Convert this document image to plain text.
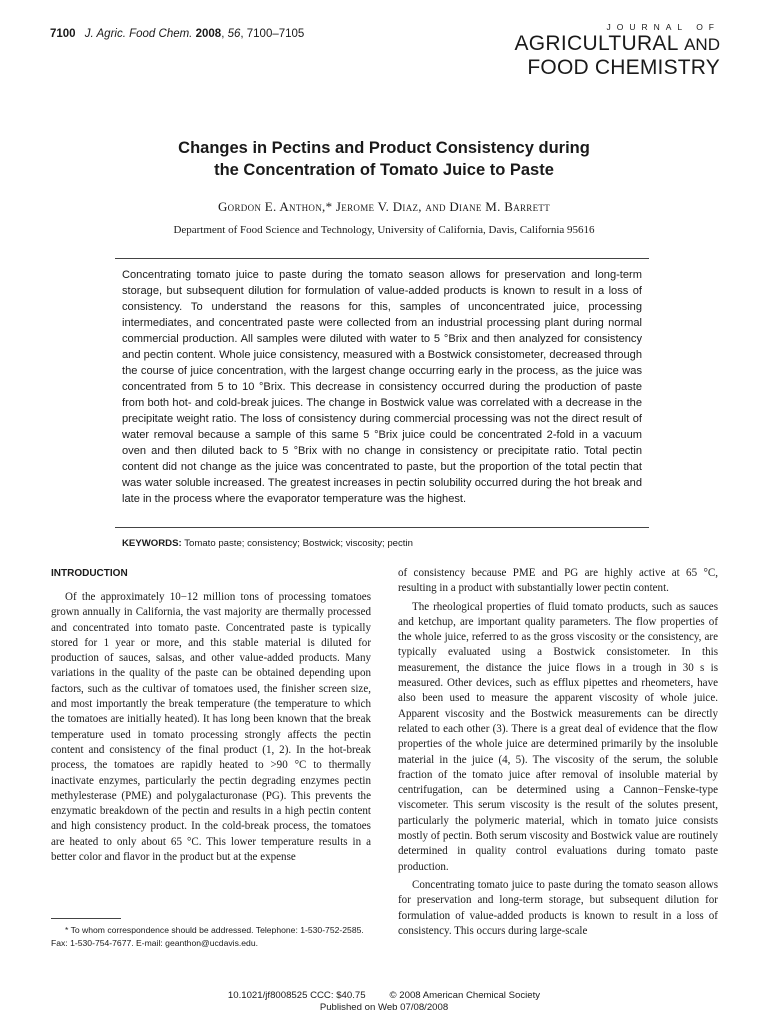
7100 J. Agric. Food Chem. 2008, 56, 7100–7105
JOURNAL OF
AGRICULTURAL AND
FOOD CHEMISTRY
Changes in Pectins and Product Consistency during
the Concentration of Tomato Juice to Paste
Gordon E. Anthon,* Jerome V. Diaz, and Diane M. Barrett
Department of Food Science and Technology, University of California, Davis, California 95616
Concentrating tomato juice to paste during the tomato season allows for preservation and long-term storage, but subsequent dilution for formulation of value-added products is known to result in a loss of consistency. To understand the reasons for this, samples of unconcentrated juice, processing intermediates, and concentrated paste were collected from an industrial processing plant during normal commercial production. All samples were diluted with water to 5 °Brix and then analyzed for consistency and pectin content. Whole juice consistency, measured with a Bostwick consistometer, decreased through the course of juice concentration, with the largest change occurring early in the process, as the juice was concentrated from 5 to 10 °Brix. This decrease in consistency occurred during the production of paste from both hot- and cold-break juices. The change in Bostwick value was correlated with a decrease in the precipitate weight ratio. The loss of consistency during commercial processing was not the direct result of water removal because a sample of this same 5 °Brix juice could be concentrated 2-fold in a vacuum oven and then diluted back to 5 °Brix with no change in consistency or precipitate ratio. Total pectin content did not change as the juice was concentrated to paste, but the proportion of the total pectin that was water soluble increased. The greatest increases in pectin solubility occurred during the hot break and late in the process where the evaporator temperature was the highest.
KEYWORDS: Tomato paste; consistency; Bostwick; viscosity; pectin
INTRODUCTION

Of the approximately 10−12 million tons of processing tomatoes grown annually in California, the vast majority are thermally processed and concentrated into tomato paste. Concentrated paste is typically stored for 1 year or more, and this stable material is diluted for production of sauces, salsas, and other value-added products. Many variations in the quality of the paste can be obtained depending upon factors, such as the cultivar of tomatoes used, the finisher screen size, and most importantly the break temperature (the temperature to which the tomatoes are initially heated). It has long been known that the break temperature used in tomato processing strongly affects the pectin content and consistency of the final product (1, 2). In the hot-break process, the tomatoes are rapidly heated to >90 °C to thermally inactivate enzymes, particularly the pectin degrading enzymes pectin methylesterase (PME) and polygalacturonase (PG). This prevents the enzymatic breakdown of the pectin and results in a high pectin content and high consistency product. In the cold-break process, the tomatoes are heated to only about 65 °C. This lower temperature results in a better color and flavor in the product but at the expense

of consistency because PME and PG are highly active at 65 °C, resulting in a product with substantially lower pectin content.

The rheological properties of fluid tomato products, such as sauces and ketchup, are important quality parameters. The flow properties of the whole juice, referred to as the gross viscosity or the consistency, are typically evaluated using a Bostwick consistometer. In this measurement, the distance the juice flows in a trough in 30 s is measured. Other devices, such as efflux pipettes and rheometers, have also been used to measure the apparent viscosity of whole juice. Apparent viscosity and the Bostwick measurements can be directly related to each other (3). There is a great deal of evidence that the flow properties of the whole juice are determined primarily by the insoluble material in the juice (4, 5). The viscosity of the serum, the soluble fraction of the tomato juice after removal of insoluble material by centrifugation, can be determined using a Cannon−Fenske-type viscometer. This serum viscosity is the result of the solutes present, particularly the polymeric material, which in tomato juice consists mostly of pectin. Both serum viscosity and Bostwick value are routinely determined in quality control evaluations during tomato paste production.

Concentrating tomato juice to paste during the tomato season allows for preservation and long-term storage, but subsequent dilution for formulation of value-added products is known to result in a loss of consistency. This occurs during large-scale

* To whom correspondence should be addressed. Telephone: 1-530-752-2585. Fax: 1-530-754-7677. E-mail: geanthon@ucdavis.edu.
10.1021/jf8008525 CCC: $40.75	© 2008 American Chemical Society
Published on Web 07/08/2008
